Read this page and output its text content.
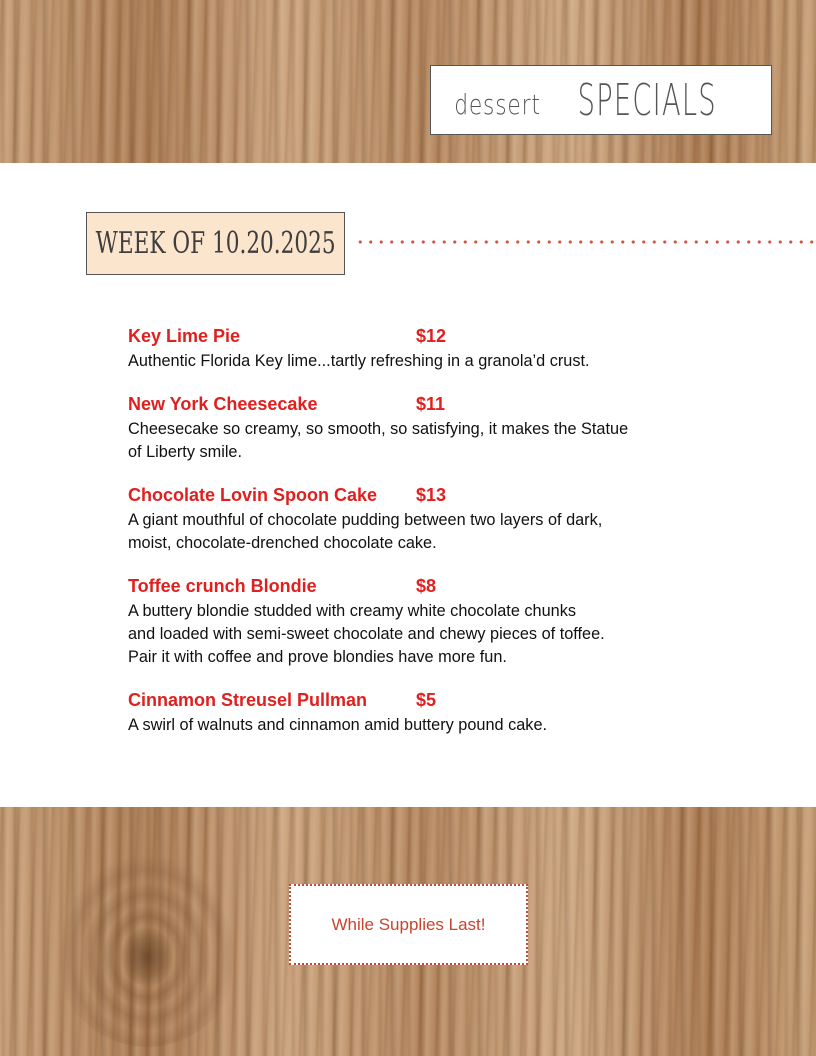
dessert SPECIALS
WEEK OF 10.20.2025
Key Lime Pie	$12

Authentic Florida Key lime...tartly refreshing in a granola’d crust.

New York Cheesecake	$11

Cheesecake so creamy, so smooth, so satisfying, it makes the Statue
of Liberty smile.

Chocolate Lovin Spoon Cake $13

A giant mouthful of chocolate pudding between two layers of dark,
moist, chocolate-drenched chocolate cake.

Toffee crunch Blondie	$8

A buttery blondie studded with creamy white chocolate chunks
and loaded with semi-sweet chocolate and chewy pieces of toffee.
Pair it with coffee and prove blondies have more fun.

Cinnamon Streusel Pullman	$5

A swirl of walnuts and cinnamon amid buttery pound cake.

While Supplies Last!
